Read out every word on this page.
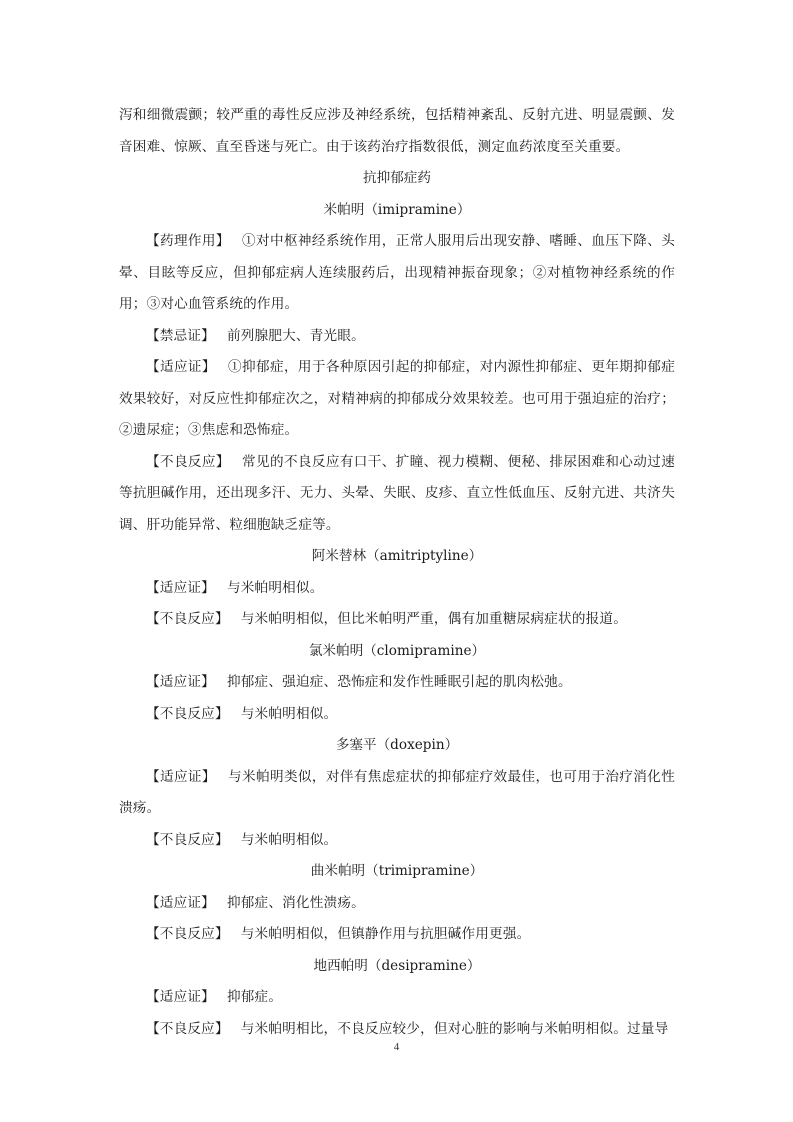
泻和细微震颤；较严重的毒性反应涉及神经系统，包括精神紊乱、反射亢进、明显震颤、发音困难、惊厥、直至昏迷与死亡。由于该药治疗指数很低，测定血药浓度至关重要。

抗抑郁症药

米帕明（imipramine）

【药理作用】 ①对中枢神经系统作用，正常人服用后出现安静、嗜睡、血压下降、头晕、目眩等反应，但抑郁症病人连续服药后，出现精神振奋现象；②对植物神经系统的作用；③对心血管系统的作用。

【禁忌证】 前列腺肥大、青光眼。

【适应证】 ①抑郁症，用于各种原因引起的抑郁症，对内源性抑郁症、更年期抑郁症效果较好，对反应性抑郁症次之，对精神病的抑郁成分效果较差。也可用于强迫症的治疗；②遗尿症；③焦虑和恐怖症。

【不良反应】 常见的不良反应有口干、扩瞳、视力模糊、便秘、排尿困难和心动过速等抗胆碱作用，还出现多汗、无力、头晕、失眠、皮疹、直立性低血压、反射亢进、共济失调、肝功能异常、粒细胞缺乏症等。

阿米替林（amitriptyline）

【适应证】 与米帕明相似。

【不良反应】 与米帕明相似，但比米帕明严重，偶有加重糖尿病症状的报道。

氯米帕明（clomipramine）

【适应证】 抑郁症、强迫症、恐怖症和发作性睡眠引起的肌肉松弛。

【不良反应】 与米帕明相似。

多塞平（doxepin）

【适应证】 与米帕明类似，对伴有焦虑症状的抑郁症疗效最佳，也可用于治疗消化性溃疡。

【不良反应】 与米帕明相似。

曲米帕明（trimipramine）

【适应证】 抑郁症、消化性溃疡。

【不良反应】 与米帕明相似，但镇静作用与抗胆碱作用更强。

地西帕明（desipramine）

【适应证】 抑郁症。

【不良反应】 与米帕明相比，不良反应较少，但对心脏的影响与米帕明相似。过量导

4
